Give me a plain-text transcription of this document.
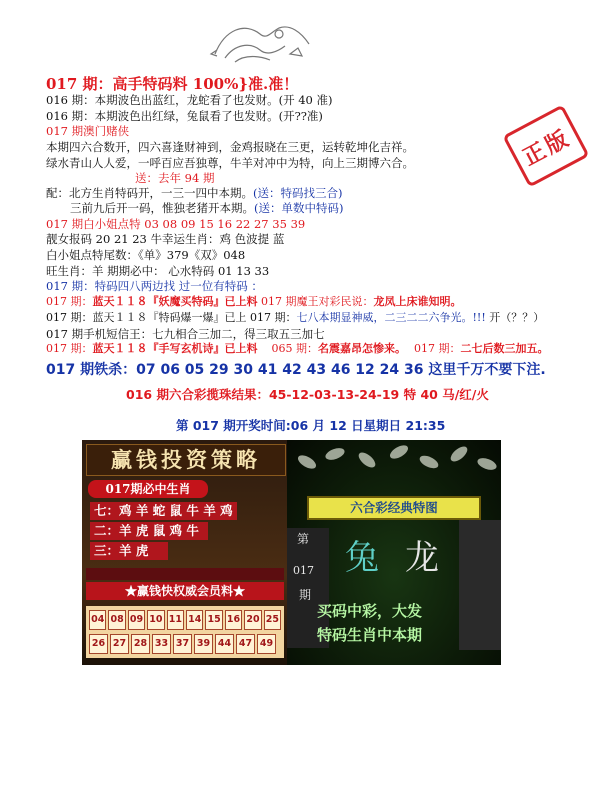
017 期：高手特码料 100%}准.准！
016 期：本期波色出蓝红，龙蛇看了也发财。(开 40 准)
016 期：本期波色出红绿，兔鼠看了也发财。(开??准)
017 期澳门赌侠
本期四六合数开，四六喜逢财神到，金鸡报晓在三更，运转乾坤化吉祥。
绿水青山人人爱，一呼百应吾独尊，牛羊对冲中为特，向上三期博六合。
送：去年 94 期
配：北方生肖特码开，一三一四中本期。(送：特码找三合)
三前九后开一码，惟独老猪开本期。(送：单数中特码)
017 期白小姐点特 03 08 09 15 16 22 27 35 39
靓女报码 20 21 23 牛幸运生肖：鸡 色波提 蓝
白小姐点特尾数：《单》379《双》048
旺生肖：羊 期期必中： 心水特码 01 13 33
017 期：特码四八两边找 过一位有特码 ：
017 期：蓝天１１８『妖魔买特码』已上料 017 期魔王对彩民说：龙凤上床谁知明。
017 期：蓝天１１８『特码爆一爆』已上 017 期：七八本期显神威，二三二二六争光。!!! 开（？？）
017 期手机短信王：七九相合三加二，得三取五三加七
017 期：蓝天１１８『手写玄机诗』已上料 065 期：名震嘉昂怎惨来。 017 期：二七后数三加五。
017 期铁杀：07 06 05 29 30 41 42 43 46 12 24 36 这里千万不要下注.
016 期六合彩揽珠结果：45-12-03-13-24-19 特 40 马/红/火
第 017 期开奖时间:06 月 12 日星期日 21:35
正版
赢钱投资策略
017期必中生肖
七：鸡 羊 蛇 鼠 牛 羊 鸡
二：羊 虎 鼠 鸡 牛
三：羊 虎
★赢钱快权威会员料★
04 08 09 10 11 14 15 16 20 25
26 27 28 33 37 39 44 47 49
六合彩经典特图
第
017
期
兔 龙
买码中彩，大发
特码生肖中本期
